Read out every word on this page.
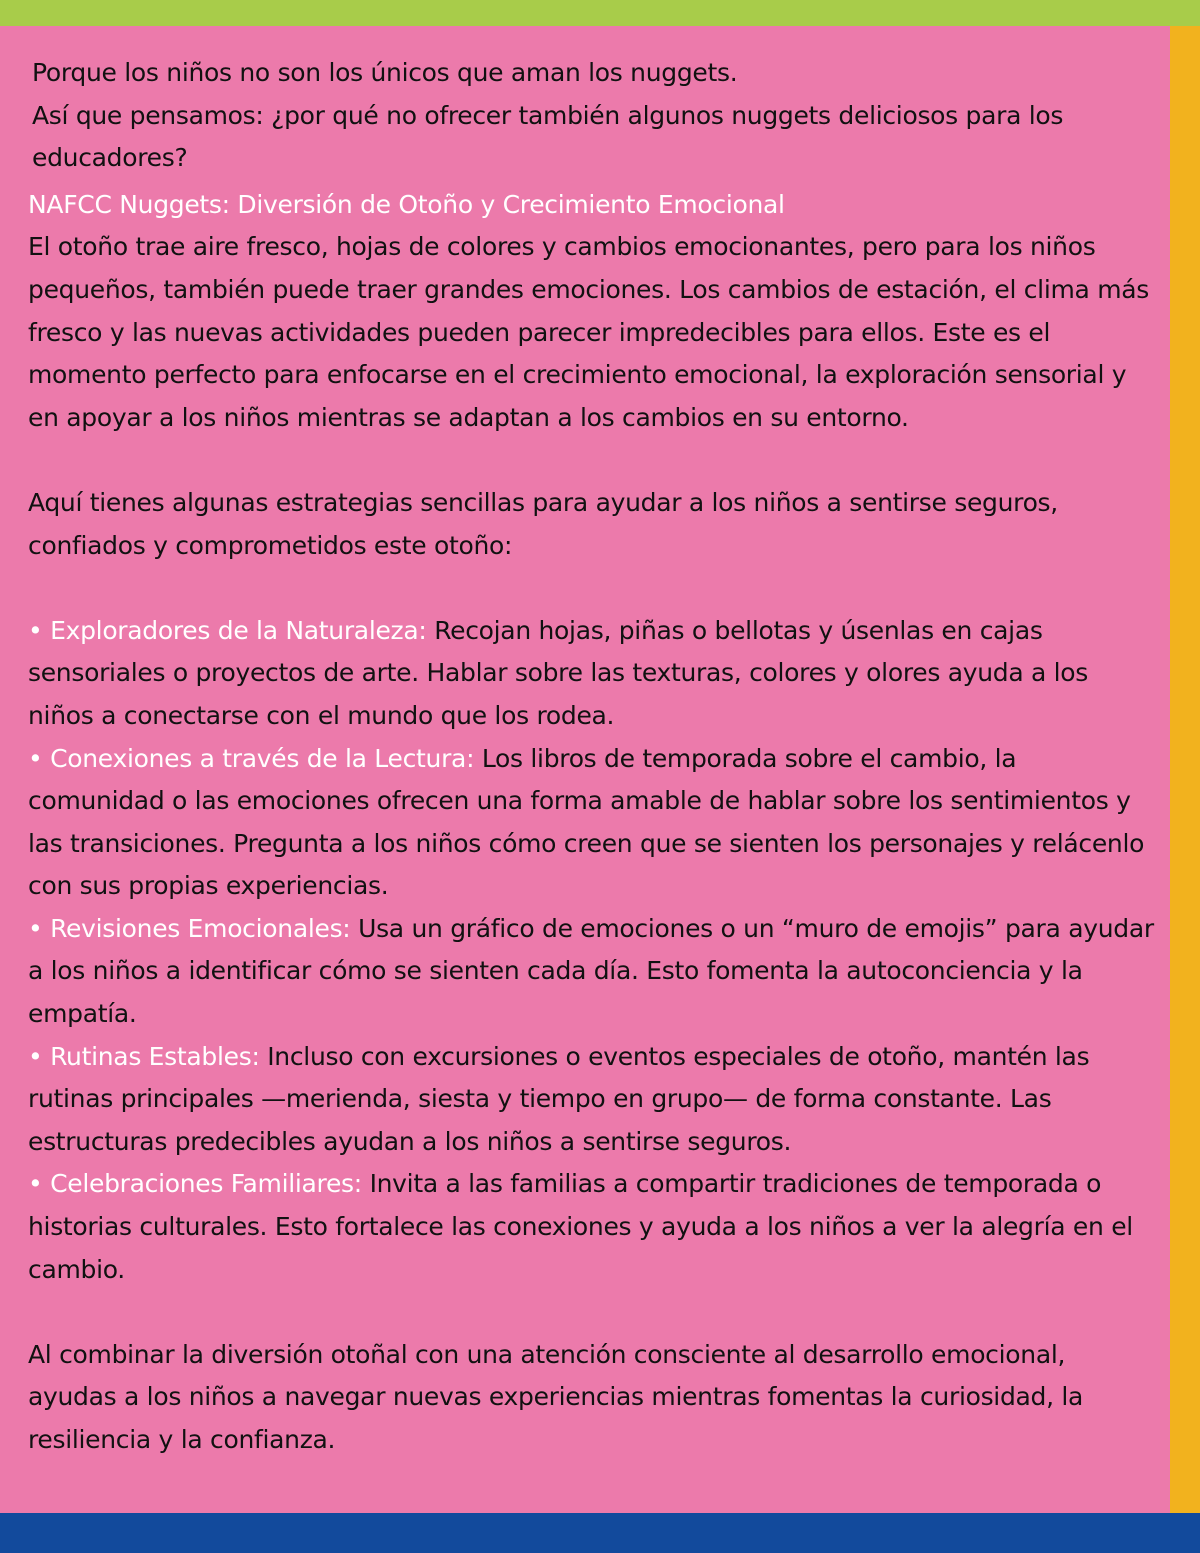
Porque los niños no son los únicos que aman los nuggets.

Así que pensamos: ¿por qué no ofrecer también algunos nuggets deliciosos para los educadores?

NAFCC Nuggets: Diversión de Otoño y Crecimiento Emocional

El otoño trae aire fresco, hojas de colores y cambios emocionantes, pero para los niños pequeños, también puede traer grandes emociones. Los cambios de estación, el clima más fresco y las nuevas actividades pueden parecer impredecibles para ellos. Este es el momento perfecto para enfocarse en el crecimiento emocional, la exploración sensorial y en apoyar a los niños mientras se adaptan a los cambios en su entorno.

Aquí tienes algunas estrategias sencillas para ayudar a los niños a sentirse seguros, confiados y comprometidos este otoño:

• Exploradores de la Naturaleza: Recojan hojas, piñas o bellotas y úsenlas en cajas sensoriales o proyectos de arte. Hablar sobre las texturas, colores y olores ayuda a los niños a conectarse con el mundo que los rodea.

• Conexiones a través de la Lectura: Los libros de temporada sobre el cambio, la comunidad o las emociones ofrecen una forma amable de hablar sobre los sentimientos y las transiciones. Pregunta a los niños cómo creen que se sienten los personajes y relácenlo con sus propias experiencias.

• Revisiones Emocionales: Usa un gráfico de emociones o un “muro de emojis” para ayudar a los niños a identificar cómo se sienten cada día. Esto fomenta la autoconciencia y la empatía.

• Rutinas Estables: Incluso con excursiones o eventos especiales de otoño, mantén las rutinas principales —merienda, siesta y tiempo en grupo— de forma constante. Las estructuras predecibles ayudan a los niños a sentirse seguros.

• Celebraciones Familiares: Invita a las familias a compartir tradiciones de temporada o historias culturales. Esto fortalece las conexiones y ayuda a los niños a ver la alegría en el cambio.

Al combinar la diversión otoñal con una atención consciente al desarrollo emocional, ayudas a los niños a navegar nuevas experiencias mientras fomentas la curiosidad, la resiliencia y la confianza.
